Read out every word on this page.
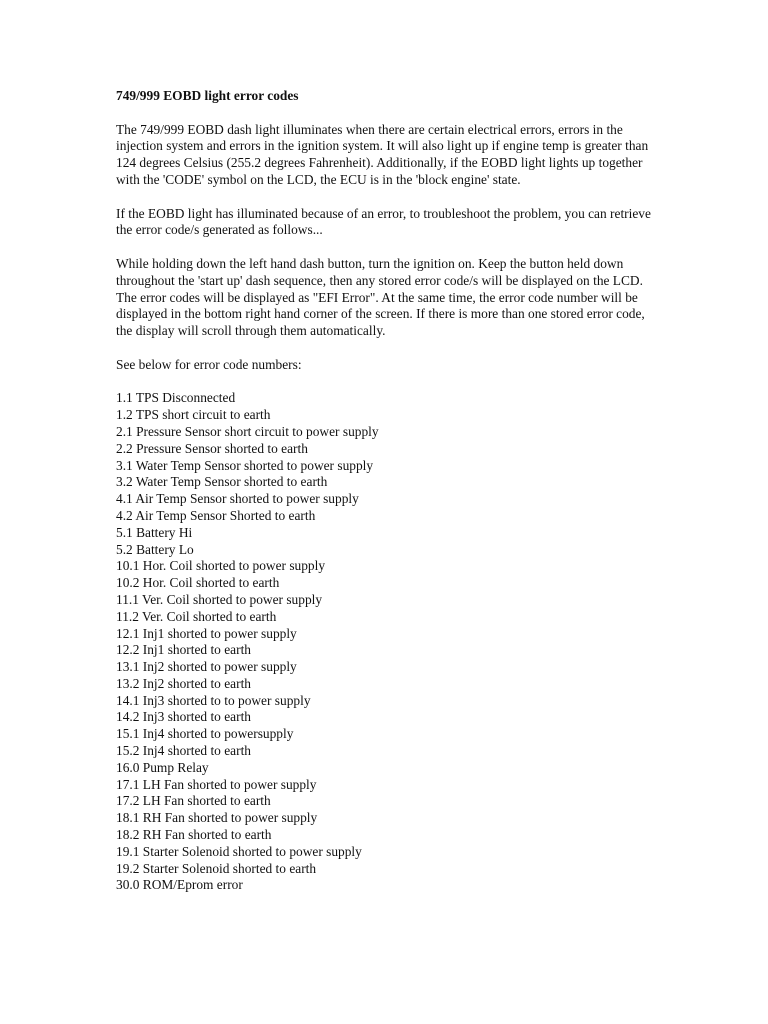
749/999 EOBD light error codes

The 749/999 EOBD dash light illuminates when there are certain electrical errors, errors in the injection system and errors in the ignition system. It will also light up if engine temp is greater than 124 degrees Celsius (255.2 degrees Fahrenheit). Additionally, if the EOBD light lights up together with the 'CODE' symbol on the LCD, the ECU is in the 'block engine' state.

If the EOBD light has illuminated because of an error, to troubleshoot the problem, you can retrieve the error code/s generated as follows...

While holding down the left hand dash button, turn the ignition on. Keep the button held down throughout the 'start up' dash sequence, then any stored error code/s will be displayed on the LCD. The error codes will be displayed as "EFI Error". At the same time, the error code number will be displayed in the bottom right hand corner of the screen. If there is more than one stored error code, the display will scroll through them automatically.

See below for error code numbers:

1.1 TPS Disconnected
1.2 TPS short circuit to earth
2.1 Pressure Sensor short circuit to power supply
2.2 Pressure Sensor shorted to earth
3.1 Water Temp Sensor shorted to power supply
3.2 Water Temp Sensor shorted to earth
4.1 Air Temp Sensor shorted to power supply
4.2 Air Temp Sensor Shorted to earth
5.1 Battery Hi
5.2 Battery Lo
10.1 Hor. Coil shorted to power supply
10.2 Hor. Coil shorted to earth
11.1 Ver. Coil shorted to power supply
11.2 Ver. Coil shorted to earth
12.1 Inj1 shorted to power supply
12.2 Inj1 shorted to earth
13.1 Inj2 shorted to power supply
13.2 Inj2 shorted to earth
14.1 Inj3 shorted to to power supply
14.2 Inj3 shorted to earth
15.1 Inj4 shorted to powersupply
15.2 Inj4 shorted to earth
16.0 Pump Relay
17.1 LH Fan shorted to power supply
17.2 LH Fan shorted to earth
18.1 RH Fan shorted to power supply
18.2 RH Fan shorted to earth
19.1 Starter Solenoid shorted to power supply
19.2 Starter Solenoid shorted to earth
30.0 ROM/Eprom error
